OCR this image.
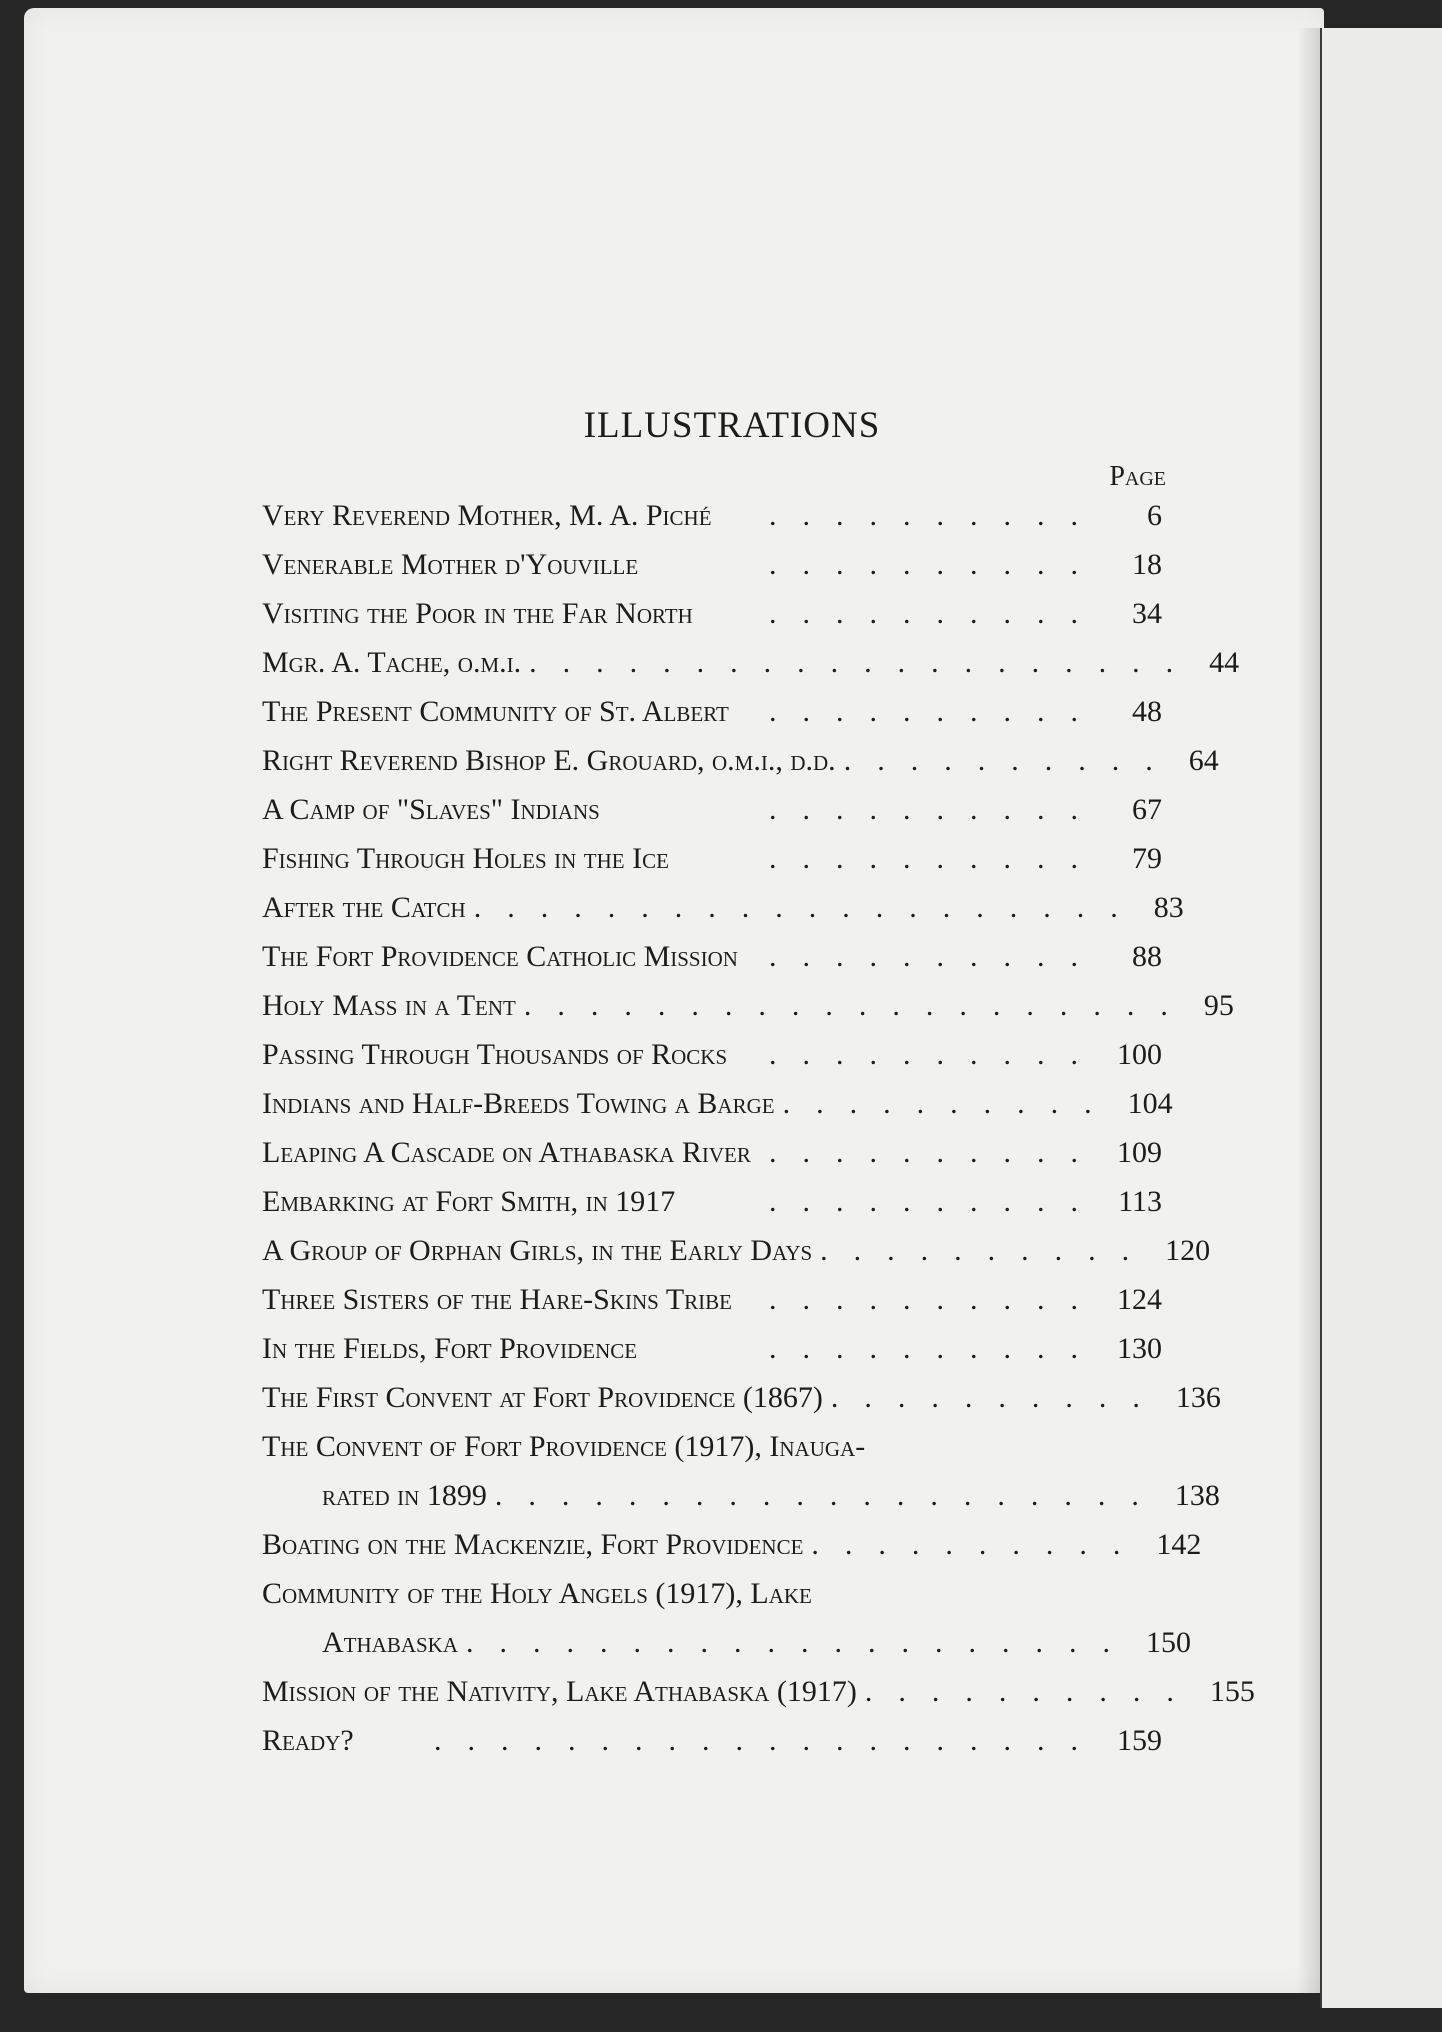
ILLUSTRATIONS
Page
Very Reverend Mother, M. A. Piché	..........	6
Venerable Mother d'Youville	.......... 18
Visiting the Poor in the Far North	.......... 34
Mgr. A. Tache, o.m.i. .................... 44
The Present Community of St. Albert	.......... 48
Right Reverend Bishop E. Grouard, o.m.i., d.d. .......... 64
A Camp of "Slaves" Indians	.......... 67
Fishing Through Holes in the Ice	.......... 79
After the Catch .................... 83
The Fort Providence Catholic Mission	.......... 88
Holy Mass in a Tent .................... 95
Passing Through Thousands of Rocks	.......... 100
Indians and Half-Breeds Towing a Barge .......... 104
Leaping A Cascade on Athabaska River .......... 109
Embarking at Fort Smith, in 1917	.......... 113
A Group of Orphan Girls, in the Early Days .......... 120
Three Sisters of the Hare-Skins Tribe	.......... 124
In the Fields, Fort Providence	.......... 130
The First Convent at Fort Providence (1867) .......... 136
The Convent of Fort Providence (1917), Inauga-
rated in 1899 .................... 138
Boating on the Mackenzie, Fort Providence .......... 142
Community of the Holy Angels (1917), Lake
Athabaska .................... 150
Mission of the Nativity, Lake Athabaska (1917) .......... 155
Ready?	.................... 159
